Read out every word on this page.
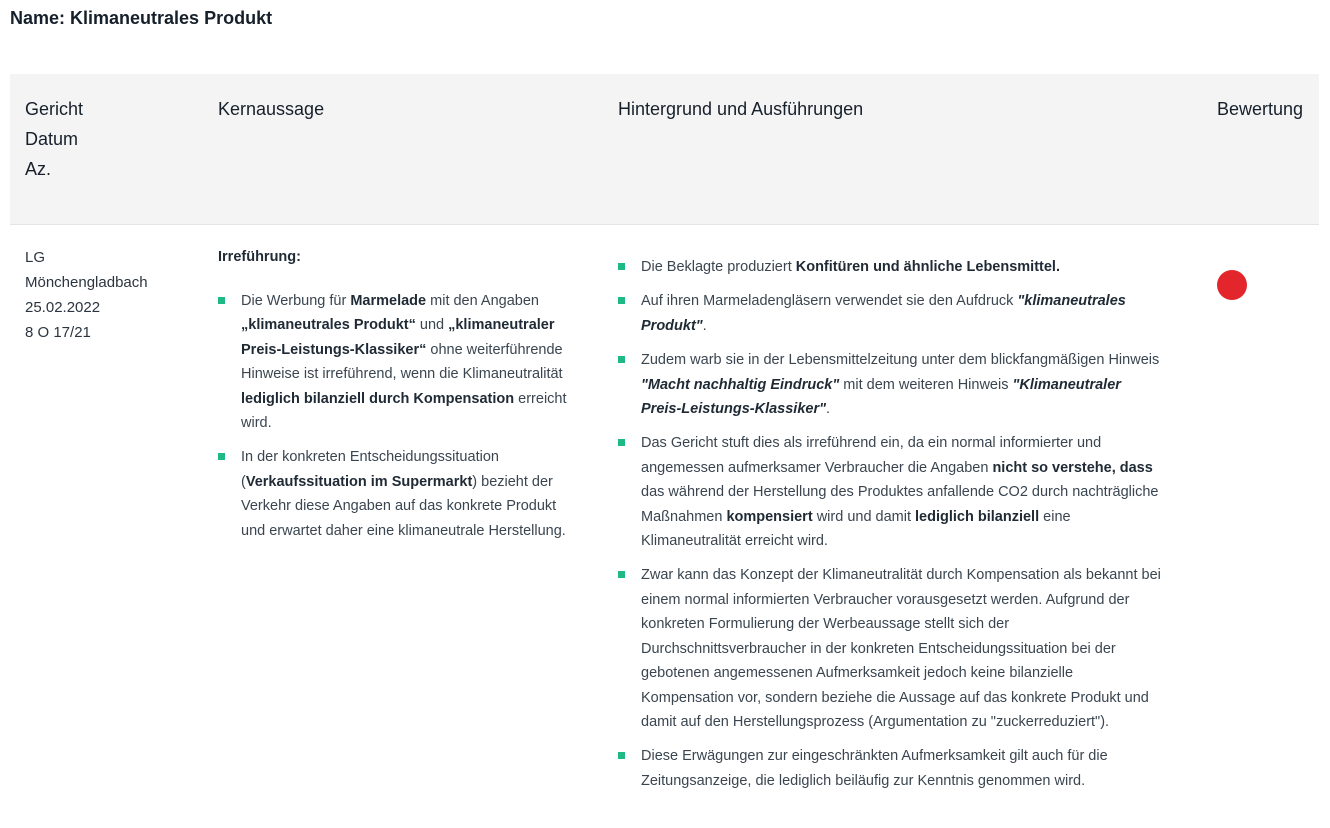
Name: Klimaneutrales Produkt
Gericht
Datum
Az.
Kernaussage	Hintergrund und Ausführungen	Bewertung
LG
Mönchengladbach
25.02.2022
8 O 17/21
Irreführung:
Die Werbung für Marmelade mit den Angaben „klimaneutrales Produkt“ und „klimaneutraler Preis-Leistungs-Klassiker“ ohne weiterführende Hinweise ist irreführend, wenn die Klimaneutralität lediglich bilanziell durch Kompensation erreicht wird.
In der konkreten Entscheidungssituation (Verkaufssituation im Supermarkt) bezieht der Verkehr diese Angaben auf das konkrete Produkt und erwartet daher eine klimaneutrale Herstellung.
Die Beklagte produziert Konfitüren und ähnliche Lebensmittel.
Auf ihren Marmeladengläsern verwendet sie den Aufdruck "klimaneutrales Produkt".
Zudem warb sie in der Lebensmittelzeitung unter dem blickfangmäßigen Hinweis "Macht nachhaltig Eindruck" mit dem weiteren Hinweis "Klimaneutraler Preis-Leistungs-Klassiker".
Das Gericht stuft dies als irreführend ein, da ein normal informierter und angemessen aufmerksamer Verbraucher die Angaben nicht so verstehe, dass das während der Herstellung des Produktes anfallende CO2 durch nachträgliche Maßnahmen kompensiert wird und damit lediglich bilanziell eine Klimaneutralität erreicht wird.
Zwar kann das Konzept der Klimaneutralität durch Kompensation als bekannt bei einem normal informierten Verbraucher vorausgesetzt werden. Aufgrund der konkreten Formulierung der Werbeaussage stellt sich der Durchschnittsverbraucher in der konkreten Entscheidungssituation bei der gebotenen angemessenen Aufmerksamkeit jedoch keine bilanzielle Kompensation vor, sondern beziehe die Aussage auf das konkrete Produkt und damit auf den Herstellungsprozess (Argumentation zu "zuckerreduziert").
Diese Erwägungen zur eingeschränkten Aufmerksamkeit gilt auch für die Zeitungsanzeige, die lediglich beiläufig zur Kenntnis genommen wird.
